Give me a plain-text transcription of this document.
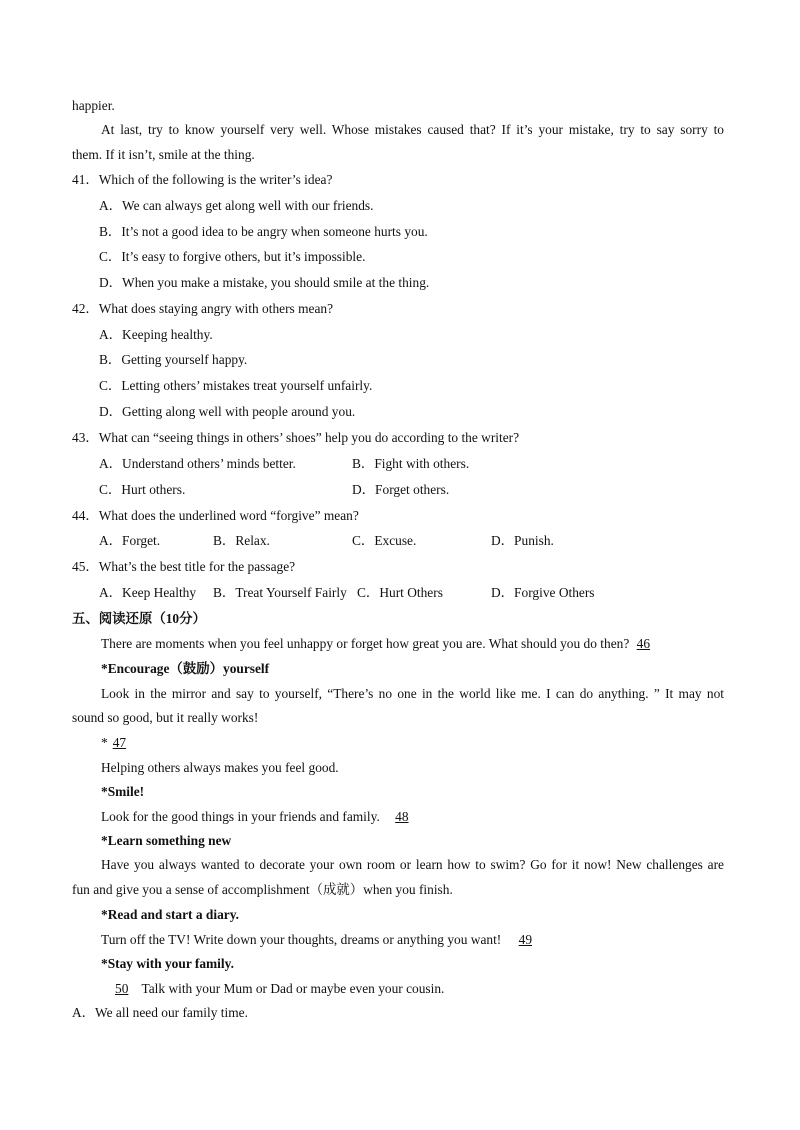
happier.
At last, try to know yourself very well. Whose mistakes caused that? If it’s your mistake, try to say sorry to
them. If it isn’t, smile at the thing.
41．Which of the following is the writer’s idea?
A．We can always get along well with our friends.
B．It’s not a good idea to be angry when someone hurts you.
C．It’s easy to forgive others, but it’s impossible.
D．When you make a mistake, you should smile at the thing.
42．What does staying angry with others mean?
A．Keeping healthy.
B．Getting yourself happy.
C．Letting others’ mistakes treat yourself unfairly.
D．Getting along well with people around you.
43．What can “seeing things in others’ shoes” help you do according to the writer?
A．Understand others’ minds better.	B．Fight with others.
C．Hurt others.	D．Forget others.
44．What does the underlined word “forgive” mean?
A．Forget.	B．Relax.	C．Excuse.	D．Punish.
45．What’s the best title for the passage?
A．Keep Healthy B．Treat Yourself Fairly C．Hurt Others	D．Forgive Others
五、阅读还原（10分）
There are moments when you feel unhappy or forget how great you are. What should you do then? 46
*Encourage（鼓励）yourself
Look in the mirror and say to yourself, “There’s no one in the world like me. I can do anything. ” It may not
sound so good, but it really works!
* 47
Helping others always makes you feel good.
*Smile!
Look for the good things in your friends and family. 48
*Learn something new
Have you always wanted to decorate your own room or learn how to swim? Go for it now! New challenges are
fun and give you a sense of accomplishment（成就）when you finish.
*Read and start a diary.
Turn off the TV! Write down your thoughts, dreams or anything you want! 49
*Stay with your family.
50 Talk with your Mum or Dad or maybe even your cousin.
A．We all need our family time.
